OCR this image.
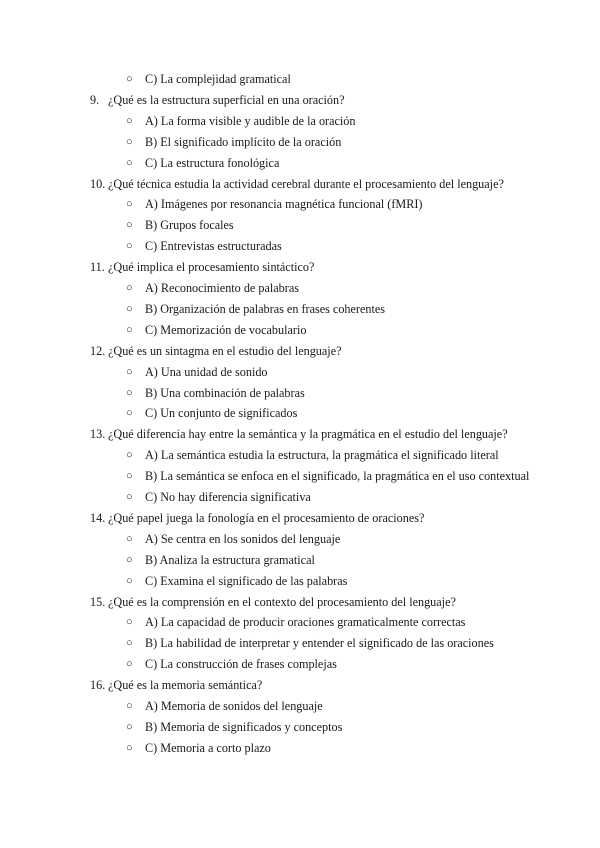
○ C) La complejidad gramatical
9. ¿Qué es la estructura superficial en una oración?
○ A) La forma visible y audible de la oración
○ B) El significado implícito de la oración
○ C) La estructura fonológica
10. ¿Qué técnica estudia la actividad cerebral durante el procesamiento del lenguaje?
○ A) Imágenes por resonancia magnética funcional (fMRI)
○ B) Grupos focales
○ C) Entrevistas estructuradas
11. ¿Qué implica el procesamiento sintáctico?
○ A) Reconocimiento de palabras
○ B) Organización de palabras en frases coherentes
○ C) Memorización de vocabulario
12. ¿Qué es un sintagma en el estudio del lenguaje?
○ A) Una unidad de sonido
○ B) Una combinación de palabras
○ C) Un conjunto de significados
13. ¿Qué diferencia hay entre la semántica y la pragmática en el estudio del lenguaje?
○ A) La semántica estudia la estructura, la pragmática el significado literal
○ B) La semántica se enfoca en el significado, la pragmática en el uso contextual
○ C) No hay diferencia significativa
14. ¿Qué papel juega la fonología en el procesamiento de oraciones?
○ A) Se centra en los sonidos del lenguaje
○ B) Analiza la estructura gramatical
○ C) Examina el significado de las palabras
15. ¿Qué es la comprensión en el contexto del procesamiento del lenguaje?
○ A) La capacidad de producir oraciones gramaticalmente correctas
○ B) La habilidad de interpretar y entender el significado de las oraciones
○ C) La construcción de frases complejas
16. ¿Qué es la memoria semántica?
○ A) Memoria de sonidos del lenguaje
○ B) Memoria de significados y conceptos
○ C) Memoria a corto plazo
